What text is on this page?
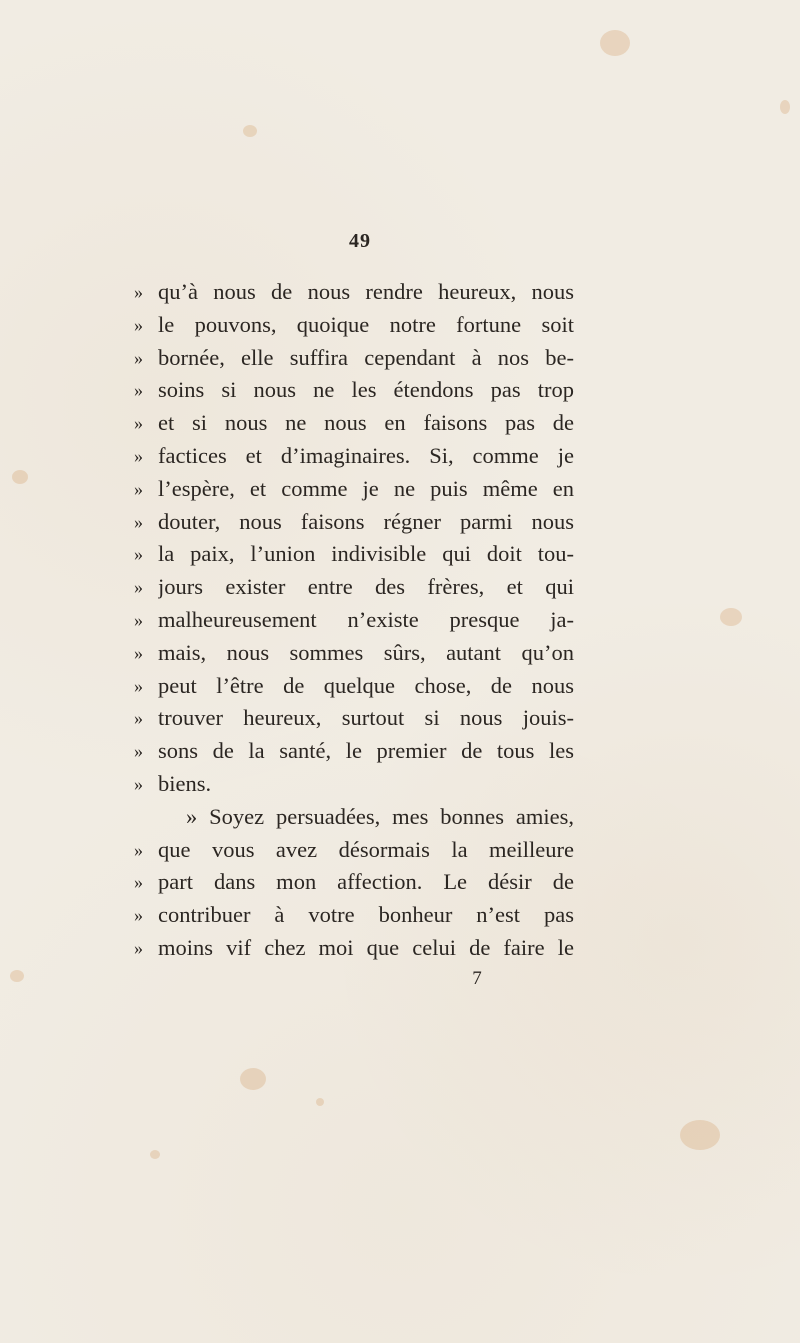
49
» qu’à nous de nous rendre heureux, nous
» le pouvons, quoique notre fortune soit
» bornée, elle suffira cependant à nos be-
» soins si nous ne les étendons pas trop
» et si nous ne nous en faisons pas de
» factices et d’imaginaires. Si, comme je
» l’espère, et comme je ne puis même en
» douter, nous faisons régner parmi nous
» la paix, l’union indivisible qui doit tou-
» jours exister entre des frères, et qui
» malheureusement n’existe presque ja-
» mais, nous sommes sûrs, autant qu’on
» peut l’être de quelque chose, de nous
» trouver heureux, surtout si nous jouis-
» sons de la santé, le premier de tous les
» biens.
» Soyez persuadées, mes bonnes amies,
» que vous avez désormais la meilleure
» part dans mon affection. Le désir de
» contribuer à votre bonheur n’est pas
» moins vif chez moi que celui de faire le
7
